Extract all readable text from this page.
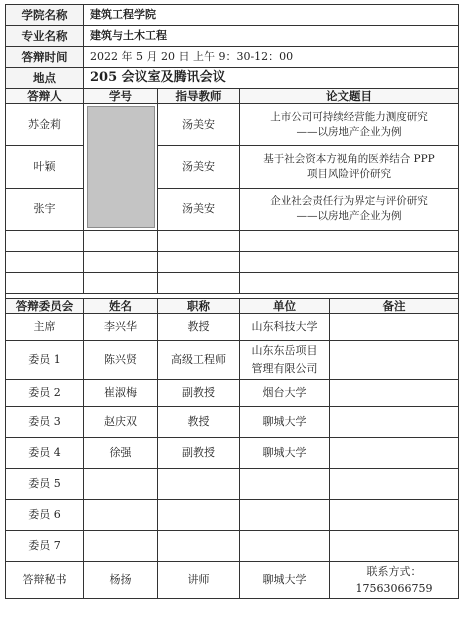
学院名称	建筑工程学院			
专业名称	建筑与土木工程			
答辩时间	2022 年 5 月 20 日 上午 9：30-12：00			
地点	205 会议室及腾讯会议			
答辩人	学号	指导教师	论文题目	
苏金莉		汤美安	上市公司可持续经营能力测度研究
——以房地产企业为例	

叶颖		汤美安	基于社会资本方视角的医养结合 PPP
项目风险评价研究	

张宇		汤美安	企业社会责任行为界定与评价研究
——以房地产企业为例	

答辩委员会	姓名	职称	单位	备注
主席	李兴华	教授	山东科技大学	

委员 1	陈兴贤	高级工程师	山东东岳项目
管理有限公司	

委员 2	崔淑梅	副教授	烟台大学	

委员 3	赵庆双	教授	聊城大学	

委员 4	徐强	副教授	聊城大学	

委员 5			

委员 6			

委员 7			

答辩秘书	杨扬	讲师	聊城大学	联系方式：
17563066759
